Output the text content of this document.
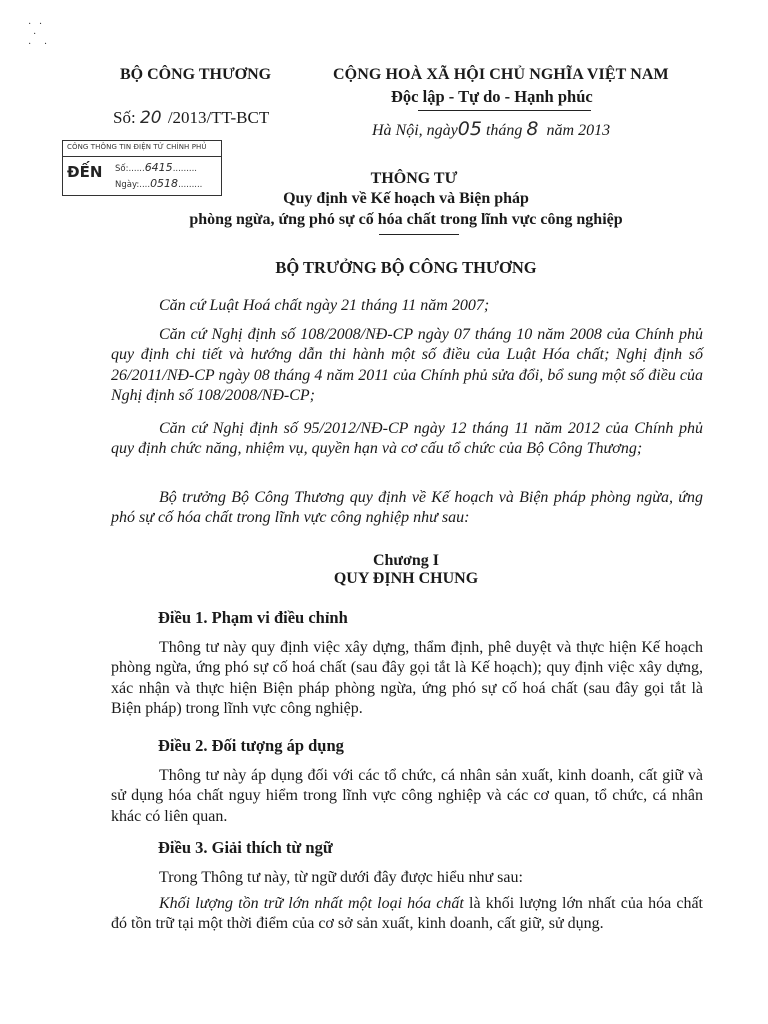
·   ·
·
·     ·
BỘ CÔNG THƯƠNG
Số: 20 /2013/TT-BCT
CỘNG HOÀ XÃ HỘI CHỦ NGHĨA VIỆT NAM
Độc lập - Tự do - Hạnh phúc
Hà Nội, ngày05 tháng 8 năm 2013
CÔNG THÔNG TIN ĐIỆN TỬ CHÍNH PHỦ
ĐẾN Số:......6415.........
Ngày:....0518.........	THÔNG TƯ
Quy định về Kế hoạch và Biện pháp
phòng ngừa, ứng phó sự cố hóa chất trong lĩnh vực công nghiệp
BỘ TRƯỞNG BỘ CÔNG THƯƠNG
Căn cứ Luật Hoá chất ngày 21 tháng 11 năm 2007;
Căn cứ Nghị định số 108/2008/NĐ-CP ngày 07 tháng 10 năm 2008 của Chính phủ quy định chi tiết và hướng dẫn thi hành một số điều của Luật Hóa chất; Nghị định số 26/2011/NĐ-CP ngày 08 tháng 4 năm 2011 của Chính phủ sửa đổi, bổ sung một số điều của Nghị định số 108/2008/NĐ-CP;
Căn cứ Nghị định số 95/2012/NĐ-CP ngày 12 tháng 11 năm 2012 của Chính phủ quy định chức năng, nhiệm vụ, quyền hạn và cơ cấu tổ chức của Bộ Công Thương;
Bộ trưởng Bộ Công Thương quy định về Kế hoạch và Biện pháp phòng ngừa, ứng phó sự cố hóa chất trong lĩnh vực công nghiệp như sau:
Chương I
QUY ĐỊNH CHUNG
Điều 1. Phạm vi điều chỉnh
Thông tư này quy định việc xây dựng, thẩm định, phê duyệt và thực hiện Kế hoạch phòng ngừa, ứng phó sự cố hoá chất (sau đây gọi tắt là Kế hoạch); quy định việc xây dựng, xác nhận và thực hiện Biện pháp phòng ngừa, ứng phó sự cố hoá chất (sau đây gọi tắt là Biện pháp) trong lĩnh vực công nghiệp.
Điều 2. Đối tượng áp dụng
Thông tư này áp dụng đối với các tổ chức, cá nhân sản xuất, kinh doanh, cất giữ và sử dụng hóa chất nguy hiểm trong lĩnh vực công nghiệp và các cơ quan, tổ chức, cá nhân khác có liên quan.
Điều 3. Giải thích từ ngữ
Trong Thông tư này, từ ngữ dưới đây được hiểu như sau:
Khối lượng tồn trữ lớn nhất một loại hóa chất là khối lượng lớn nhất của hóa chất đó tồn trữ tại một thời điểm của cơ sở sản xuất, kinh doanh, cất giữ, sử dụng.
